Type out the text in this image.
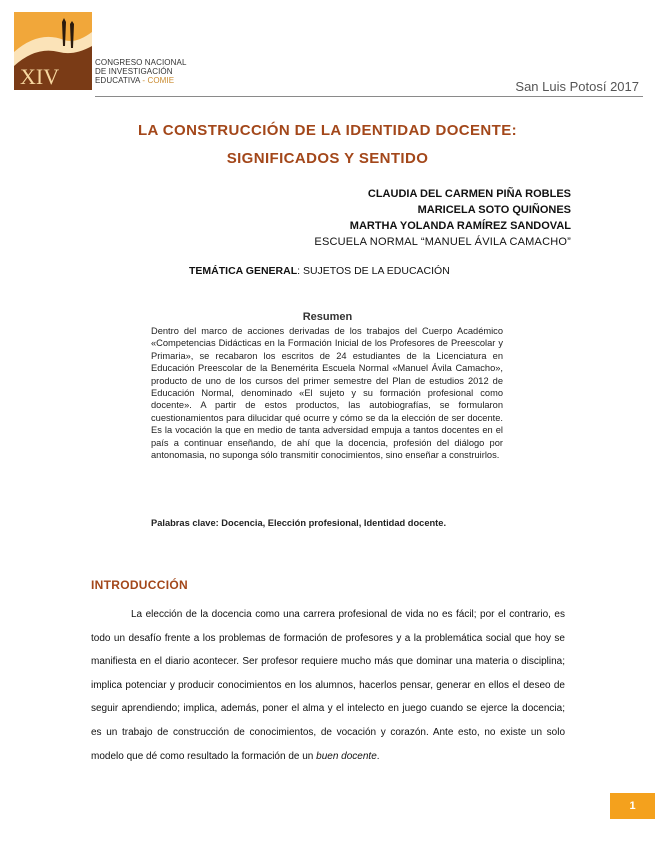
XIV
CONGRESO NACIONAL
DE INVESTIGACIÓN
EDUCATIVA - COMIE	San Luis Potosí 2017
LA CONSTRUCCIÓN DE LA IDENTIDAD DOCENTE:
SIGNIFICADOS Y SENTIDO
CLAUDIA DEL CARMEN PIÑA ROBLES
MARICELA SOTO QUIÑONES
MARTHA YOLANDA RAMÍREZ SANDOVAL
ESCUELA NORMAL “MANUEL ÁVILA CAMACHO”
TEMÁTICA GENERAL: SUJETOS DE LA EDUCACIÓN
Resumen
Dentro del marco de acciones derivadas de los trabajos del Cuerpo Académico «Competencias Didácticas en la Formación Inicial de los Profesores de Preescolar y Primaria», se recabaron los escritos de 24 estudiantes de la Licenciatura en Educación Preescolar de la Benemérita Escuela Normal «Manuel Ávila Camacho», producto de uno de los cursos del primer semestre del Plan de estudios 2012 de Educación Normal, denominado «El sujeto y su formación profesional como docente». A partir de estos productos, las autobiografías, se formularon cuestionamientos para dilucidar qué ocurre y cómo se da la elección de ser docente. Es la vocación la que en medio de tanta adversidad empuja a tantos docentes en el país a continuar enseñando, de ahí que la docencia, profesión del diálogo por antonomasia, no suponga sólo transmitir conocimientos, sino enseñar a construirlos.
Palabras clave: Docencia, Elección profesional, Identidad docente.
INTRODUCCIÓN

La elección de la docencia como una carrera profesional de vida no es fácil; por el contrario, es todo un desafío frente a los problemas de formación de profesores y a la problemática social que hoy se manifiesta en el diario acontecer. Ser profesor requiere mucho más que dominar una materia o disciplina; implica potenciar y producir conocimientos en los alumnos, hacerlos pensar, generar en ellos el deseo de seguir aprendiendo; implica, además, poner el alma y el intelecto en juego cuando se ejerce la docencia; es un trabajo de construcción de conocimientos, de vocación y corazón. Ante esto, no existe un solo modelo que dé como resultado la formación de un buen docente.

1
